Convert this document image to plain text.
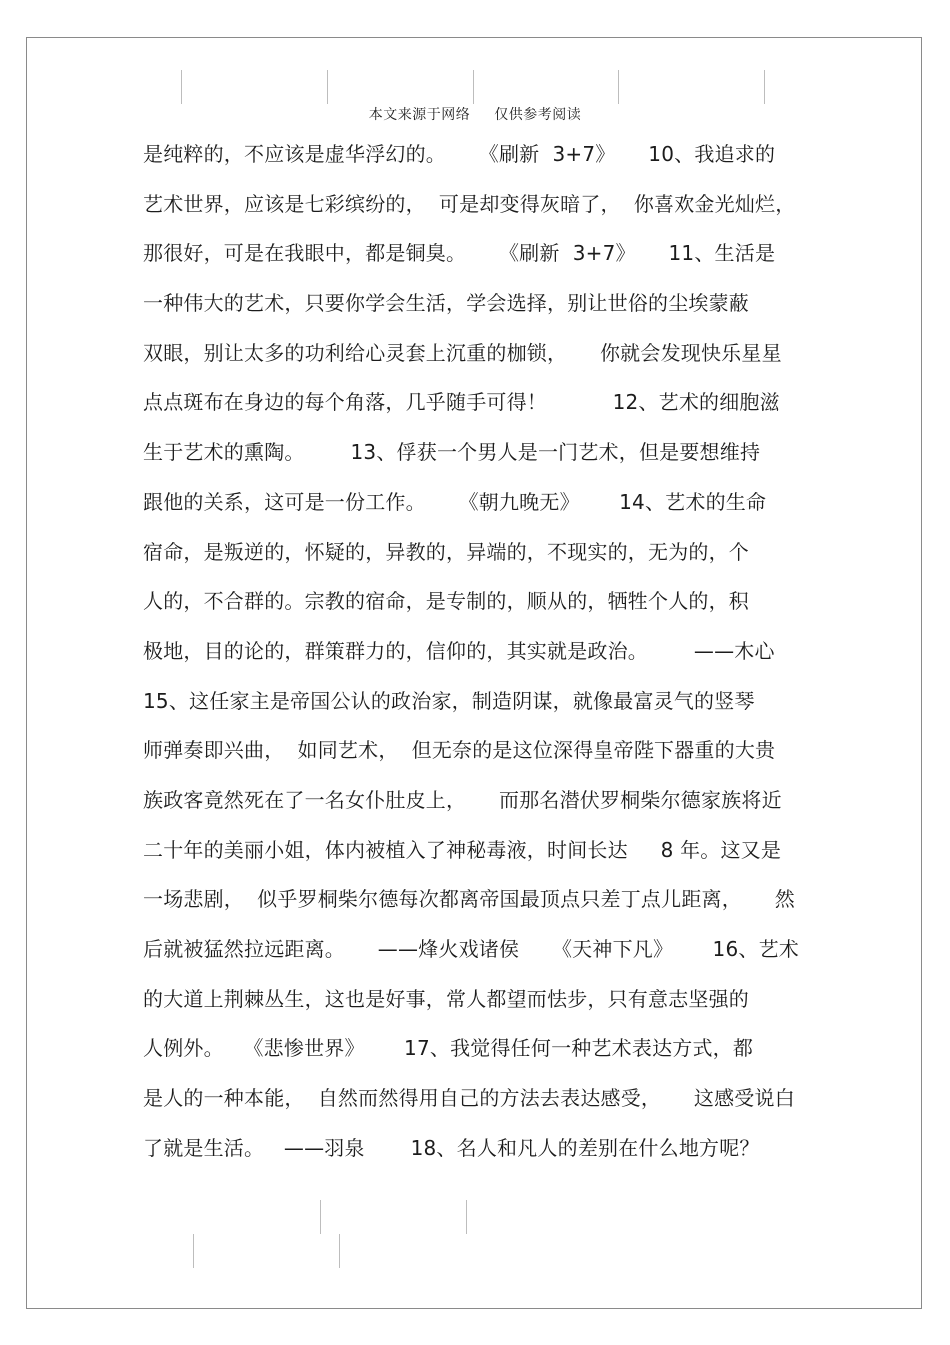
本文来源于网络 仅供参考阅读
是纯粹的，不应该是虚华浮幻的。     《刷新  3+7》     10、我追求的
艺术世界，应该是七彩缤纷的，  可是却变得灰暗了，  你喜欢金光灿烂，
那很好，可是在我眼中，都是铜臭。     《刷新  3+7》     11、生活是
一种伟大的艺术，只要你学会生活，学会选择，别让世俗的尘埃蒙蔽
双眼，别让太多的功利给心灵套上沉重的枷锁，     你就会发现快乐星星
点点斑布在身边的每个角落，几乎随手可得！          12、艺术的细胞滋
生于艺术的熏陶。       13、俘获一个男人是一门艺术，但是要想维持
跟他的关系，这可是一份工作。     《朝九晚无》      14、艺术的生命
宿命，是叛逆的，怀疑的，异教的，异端的，不现实的，无为的，个
人的，不合群的。宗教的宿命，是专制的，顺从的，牺牲个人的，积
极地，目的论的，群策群力的，信仰的，其实就是政治。       ——木心
15、这任家主是帝国公认的政治家，制造阴谋，就像最富灵气的竖琴
师弹奏即兴曲，  如同艺术，  但无奈的是这位深得皇帝陛下器重的大贵
族政客竟然死在了一名女仆肚皮上，     而那名潜伏罗桐柴尔德家族将近
二十年的美丽小姐，体内被植入了神秘毒液，时间长达     8 年。这又是
一场悲剧，  似乎罗桐柴尔德每次都离帝国最顶点只差丁点儿距离，     然
后就被猛然拉远距离。     ——烽火戏诸侯     《天神下凡》      16、艺术
的大道上荆棘丛生，这也是好事，常人都望而怯步，只有意志坚强的
人例外。   《悲惨世界》      17、我觉得任何一种艺术表达方式，都
是人的一种本能，  自然而然得用自己的方法去表达感受，     这感受说白
了就是生活。   ——羽泉       18、名人和凡人的差别在什么地方呢？
